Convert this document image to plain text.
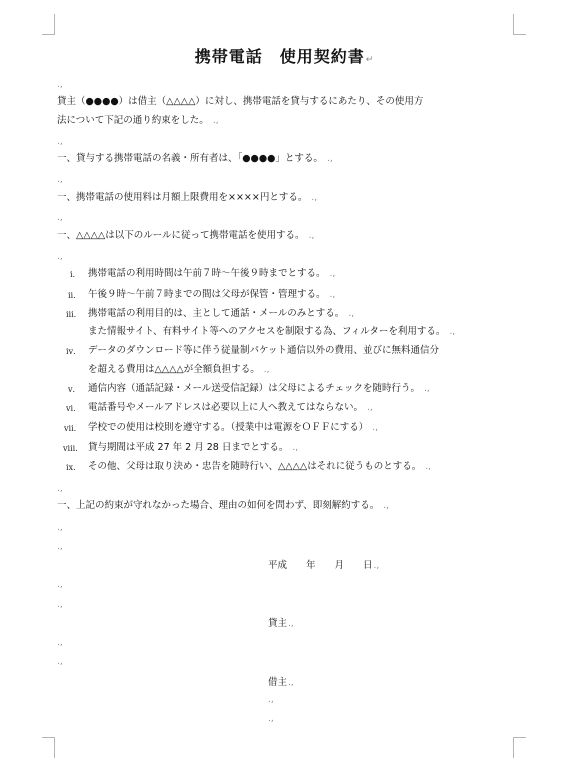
携帯電話　使用契約書↵
.,
貸主（●●●●）は借主（△△△△）に対し、携帯電話を貸与するにあたり、その使用方
法について下記の通り約束をした。 .,
.,
一、貸与する携帯電話の名義・所有者は、「●●●●」とする。 .,
.,
一、携帯電話の使用料は月額上限費用を××××円とする。 .,
.,
一、△△△△は以下のルールに従って携帯電話を使用する。 .,
.,
ⅰ. 携帯電話の利用時間は午前７時～午後９時までとする。 .,
ⅱ. 午後９時～午前７時までの間は父母が保管・管理する。 .,
ⅲ. 携帯電話の利用目的は、主として通話・メールのみとする。 .,
また情報サイト、有料サイト等へのアクセスを制限する為、フィルターを利用する。 .,
ⅳ. データのダウンロード等に伴う従量制パケット通信以外の費用、並びに無料通信分
を超える費用は△△△△が全額負担する。 .,
ⅴ. 通信内容（通話記録・メール送受信記録）は父母によるチェックを随時行う。 .,
ⅵ. 電話番号やメールアドレスは必要以上に人へ教えてはならない。 .,
ⅶ. 学校での使用は校則を遵守する。（授業中は電源をＯＦＦにする） .,
ⅷ. 貸与期間は平成 27 年 2 月 28 日までとする。 .,
ⅸ. その他、父母は取り決め・忠告を随時行い、△△△△はそれに従うものとする。 .,
.,
一、上記の約束が守れなかった場合、理由の如何を問わず、即刻解約する。 .,
.,
.,
平成　　年　　月　　日.,
.,
.,
貸主.,
.,
.,
借主.,
.,
.,
